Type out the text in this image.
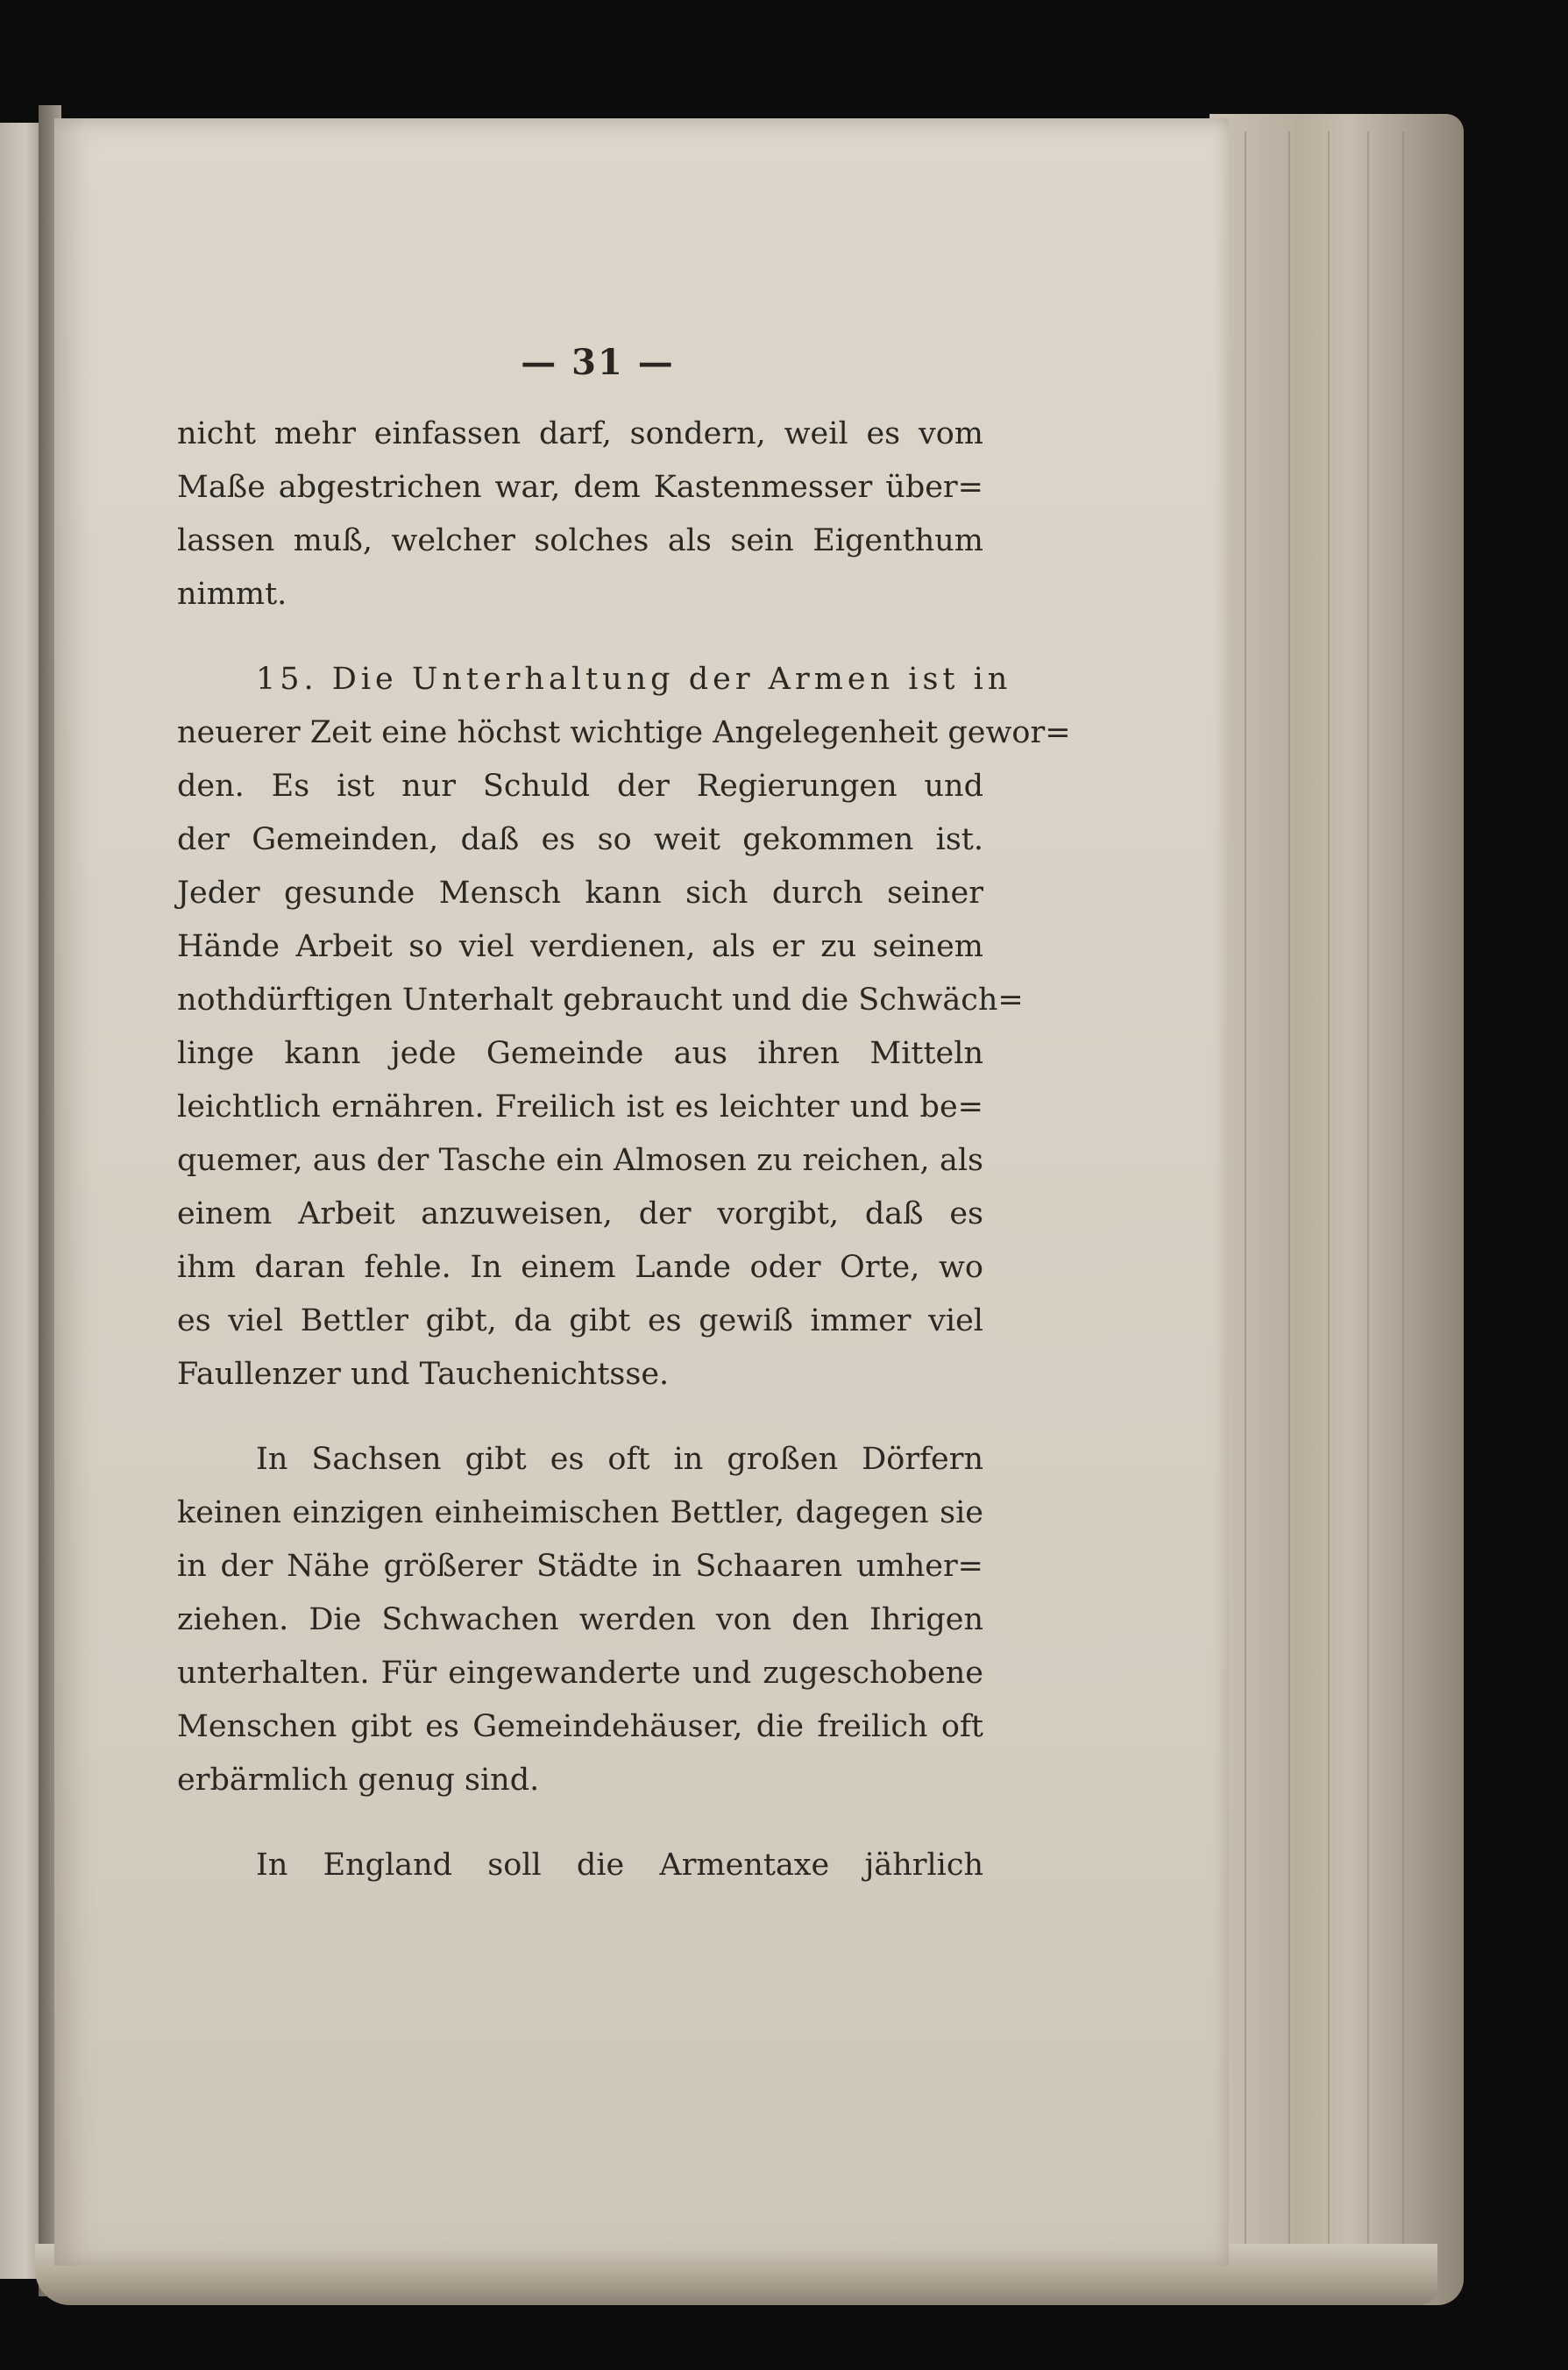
— 31 —
nicht mehr einfassen darf, sondern, weil es vom
Maße abgestrichen war, dem Kastenmesser über=
lassen muß, welcher solches als sein Eigenthum
nimmt.
15. Die Unterhaltung der Armen ist in
neuerer Zeit eine höchst wichtige Angelegenheit gewor=
den. Es ist nur Schuld der Regierungen und
der Gemeinden, daß es so weit gekommen ist.
Jeder gesunde Mensch kann sich durch seiner
Hände Arbeit so viel verdienen, als er zu seinem
nothdürftigen Unterhalt gebraucht und die Schwäch=
linge kann jede Gemeinde aus ihren Mitteln
leichtlich ernähren. Freilich ist es leichter und be=
quemer, aus der Tasche ein Almosen zu reichen, als
einem Arbeit anzuweisen, der vorgibt, daß es
ihm daran fehle. In einem Lande oder Orte, wo
es viel Bettler gibt, da gibt es gewiß immer viel
Faullenzer und Tauchenichtsse.
In Sachsen gibt es oft in großen Dörfern
keinen einzigen einheimischen Bettler, dagegen sie
in der Nähe größerer Städte in Schaaren umher=
ziehen. Die Schwachen werden von den Ihrigen
unterhalten. Für eingewanderte und zugeschobene
Menschen gibt es Gemeindehäuser, die freilich oft
erbärmlich genug sind.
In England soll die Armentaxe jährlich
